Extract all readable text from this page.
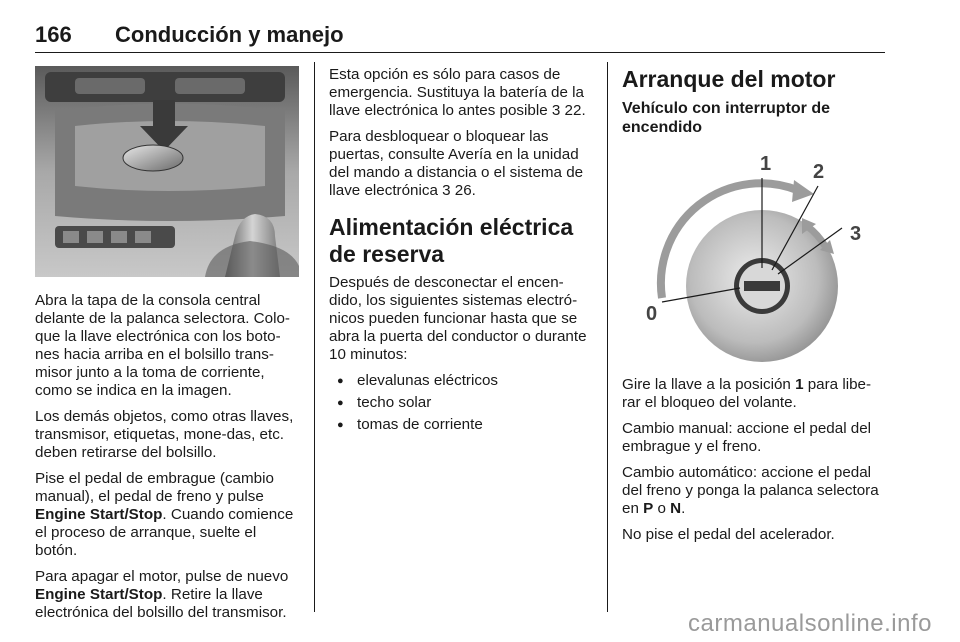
166 Conducción y manejo

Abra la tapa de la consola central delante de la palanca selectora. Colo-que la llave electrónica con los boto-nes hacia arriba en el bolsillo trans-misor junto a la toma de corriente, como se indica en la imagen.

Los demás objetos, como otras llaves, transmisor, etiquetas, mone-das, etc. deben retirarse del bolsillo.

Pise el pedal de embrague (cambio manual), el pedal de freno y pulse Engine Start/Stop. Cuando comience el proceso de arranque, suelte el botón.

Para apagar el motor, pulse de nuevo Engine Start/Stop. Retire la llave electrónica del bolsillo del transmisor.

Esta opción es sólo para casos de emergencia. Sustituya la batería de la llave electrónica lo antes posible 3 22.

Para desbloquear o bloquear las puertas, consulte Avería en la unidad del mando a distancia o el sistema de llave electrónica 3 26.

Alimentación eléctrica de reserva

Después de desconectar el encen-dido, los siguientes sistemas electró-nicos pueden funcionar hasta que se abra la puerta del conductor o durante 10 minutos:

● elevalunas eléctricos
● techo solar
● tomas de corriente
Arranque del motor
Vehículo con interruptor de encendido
1 2
3
0

Gire la llave a la posición 1 para libe-rar el bloqueo del volante.

Cambio manual: accione el pedal del embrague y el freno.

Cambio automático: accione el pedal del freno y ponga la palanca selectora en P o N.

No pise el pedal del acelerador.

carmanualsonline.info
